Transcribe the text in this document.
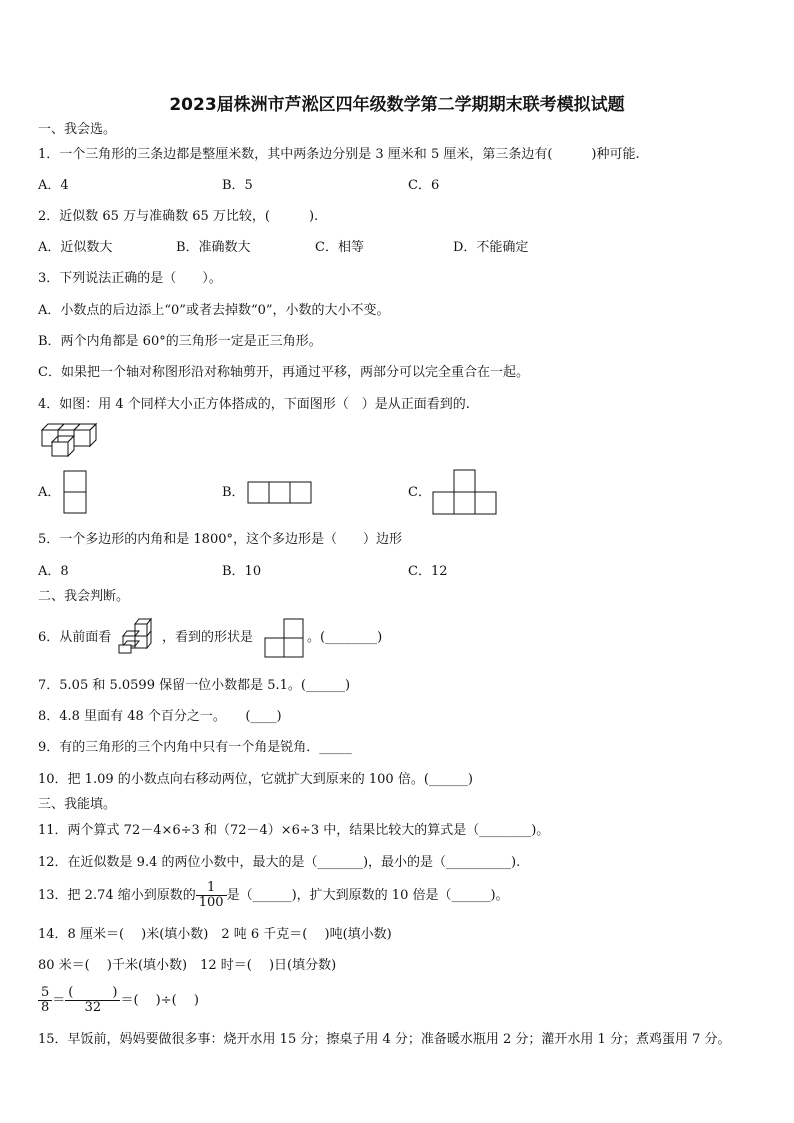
2023届株洲市芦淞区四年级数学第二学期期末联考模拟试题
一、我会选。
1．一个三角形的三条边都是整厘米数，其中两条边分别是 3 厘米和 5 厘米，第三条边有(　　　)种可能.
A．4	B．5	C．6
2．近似数 65 万与准确数 65 万比较，(　　　).
A．近似数大	B．准确数大	C．相等	D．不能确定
3．下列说法正确的是（　　）。
A．小数点的后边添上“0”或者去掉数“0”，小数的大小不变。
B．两个内角都是 60°的三角形一定是正三角形。
C．如果把一个轴对称图形沿对称轴剪开，再通过平移，两部分可以完全重合在一起。
4．如图：用 4 个同样大小正方体搭成的，下面图形（　）是从正面看到的.
A．	B．	C．
5．一个多边形的内角和是 1800°，这个多边形是（　　）边形
A．8	B．10	C．12
二、我会判断。
6．从前面看	，看到的形状是	。(________)
7．5.05 和 5.0599 保留一位小数都是 5.1。(______)
8．4.8 里面有 48 个百分之一。　　(____)
9．有的三角形的三个内角中只有一个角是锐角．_____
10．把 1.09 的小数点向右移动两位，它就扩大到原来的 100 倍。(______)
三、我能填。
11．两个算式 72－4×6÷3 和（72－4）×6÷3 中，结果比较大的算式是（________)。
12．在近似数是 9.4 的两位小数中，最大的是（_______)，最小的是（__________).
13．把 2.74 缩小到原数的 $\frac{1}{100}$ 是（______)，扩大到原数的 10 倍是（______)。
14．8 厘米＝(　 )米(填小数)　2 吨 6 千克＝(　 )吨(填小数)
80 米＝(　 )千米(填小数)　12 时＝(　 )日(填分数)
$\frac{5}{8} = \frac{( )}{32}$ ＝(　 )÷(　 )
15．早饭前，妈妈要做很多事：烧开水用 15 分；擦桌子用 4 分；准备暖水瓶用 2 分；灌开水用 1 分；煮鸡蛋用 7 分。
